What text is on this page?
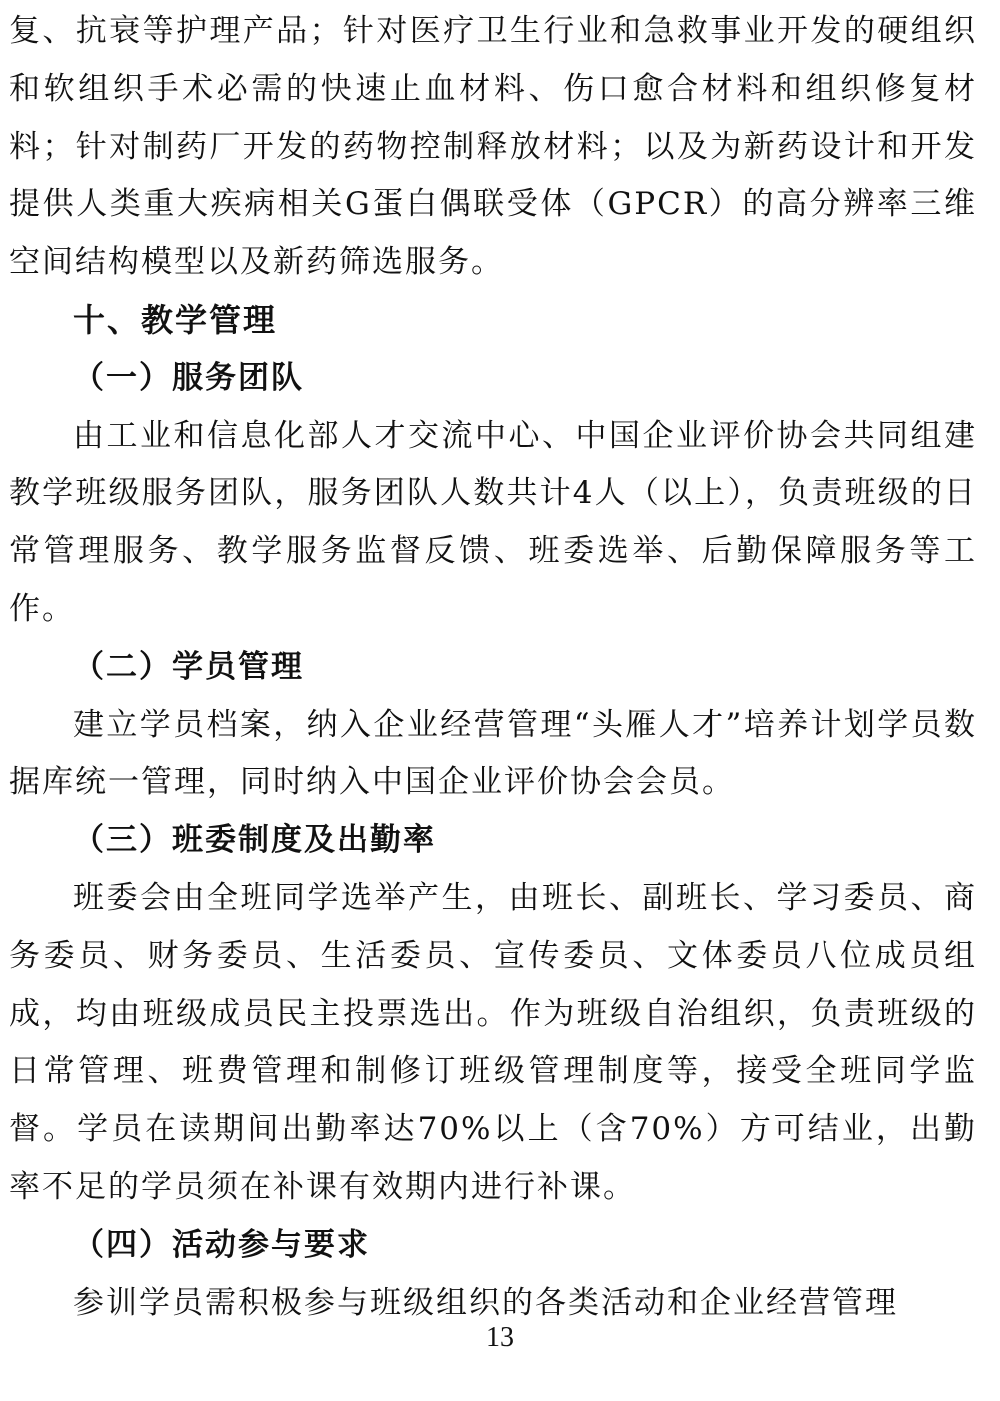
复、抗衰等护理产品；针对医疗卫生行业和急救事业开发的硬组织和软组织手术必需的快速止血材料、伤口愈合材料和组织修复材料；针对制药厂开发的药物控制释放材料；以及为新药设计和开发提供人类重大疾病相关G蛋白偶联受体（GPCR）的高分辨率三维空间结构模型以及新药筛选服务。

十、教学管理
（一）服务团队

由工业和信息化部人才交流中心、中国企业评价协会共同组建教学班级服务团队，服务团队人数共计4人（以上），负责班级的日常管理服务、教学服务监督反馈、班委选举、后勤保障服务等工作。

（二）学员管理

建立学员档案，纳入企业经营管理“头雁人才”培养计划学员数据库统一管理，同时纳入中国企业评价协会会员。

（三）班委制度及出勤率

班委会由全班同学选举产生，由班长、副班长、学习委员、商务委员、财务委员、生活委员、宣传委员、文体委员八位成员组成，均由班级成员民主投票选出。作为班级自治组织，负责班级的日常管理、班费管理和制修订班级管理制度等，接受全班同学监督。学员在读期间出勤率达70%以上（含70%）方可结业，出勤率不足的学员须在补课有效期内进行补课。

（四）活动参与要求

参训学员需积极参与班级组织的各类活动和企业经营管理

13
